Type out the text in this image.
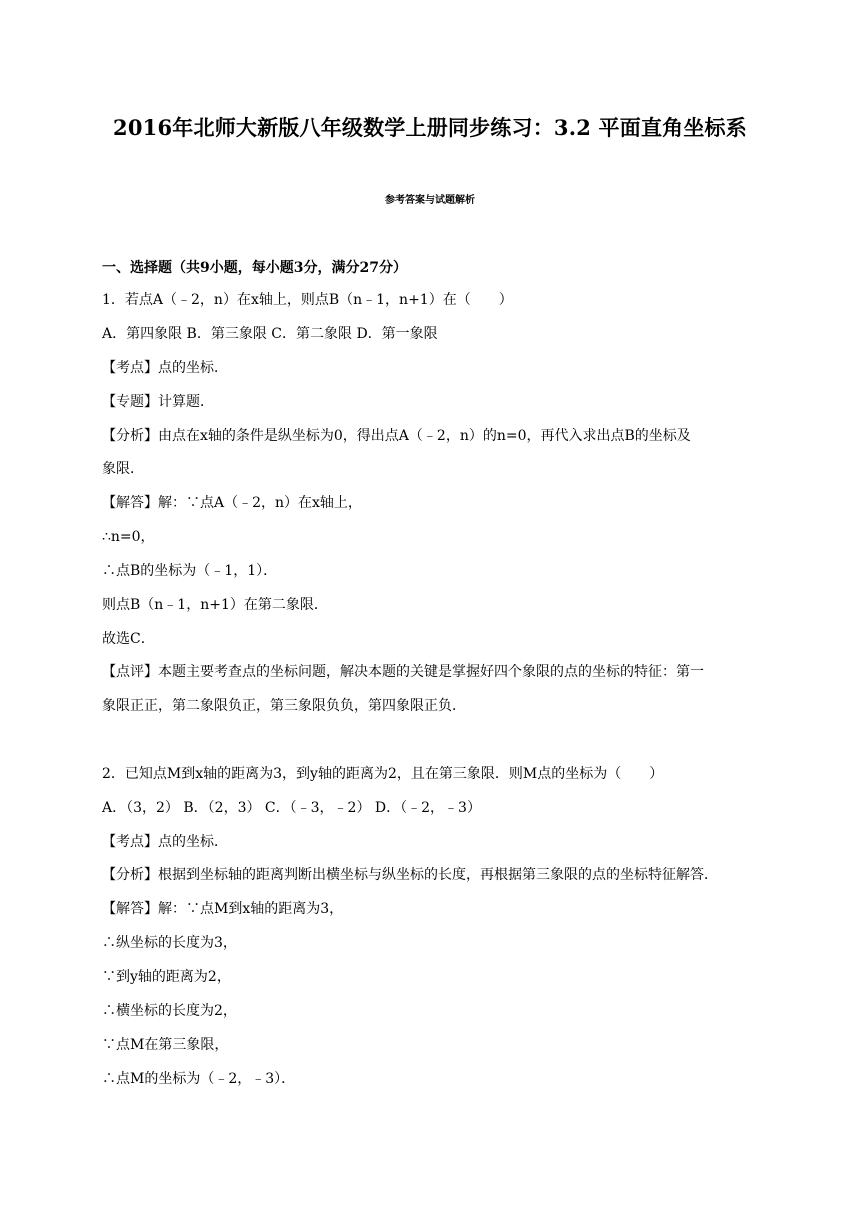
2016年北师大新版八年级数学上册同步练习：3.2 平面直角坐标系
参考答案与试题解析
一、选择题（共9小题，每小题3分，满分27分）
1．若点A（﹣2，n）在x轴上，则点B（n﹣1，n+1）在（　　）
A．第四象限 B．第三象限 C．第二象限 D．第一象限
【考点】点的坐标．
【专题】计算题．
【分析】由点在x轴的条件是纵坐标为0，得出点A（﹣2，n）的n=0，再代入求出点B的坐标及
象限．
【解答】解：∵点A（﹣2，n）在x轴上，
∴n=0，
∴点B的坐标为（﹣1，1）．
则点B（n﹣1，n+1）在第二象限．
故选C．
【点评】本题主要考查点的坐标问题，解决本题的关键是掌握好四个象限的点的坐标的特征：第一
象限正正，第二象限负正，第三象限负负，第四象限正负．
2．已知点M到x轴的距离为3，到y轴的距离为2，且在第三象限．则M点的坐标为（　　）
A．（3，2） B．（2，3） C．（﹣3，﹣2） D．（﹣2，﹣3）
【考点】点的坐标．
【分析】根据到坐标轴的距离判断出横坐标与纵坐标的长度，再根据第三象限的点的坐标特征解答．
【解答】解：∵点M到x轴的距离为3，
∴纵坐标的长度为3，
∵到y轴的距离为2，
∴横坐标的长度为2，
∵点M在第三象限，
∴点M的坐标为（﹣2，﹣3）．
